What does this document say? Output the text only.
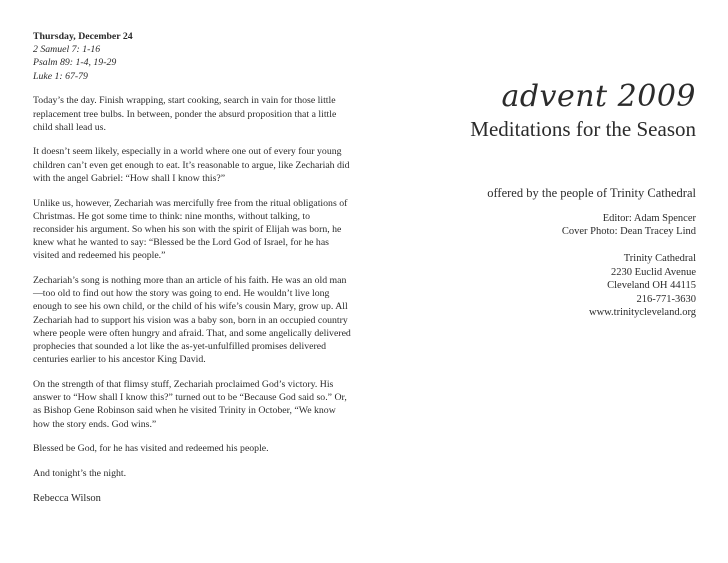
Thursday, December 24
2 Samuel 7: 1-16
Psalm 89: 1-4, 19-29
Luke 1: 67-79

Today’s the day. Finish wrapping, start cooking, search in vain for those little replacement tree bulbs. In between, ponder the absurd proposition that a little child shall lead us.

It doesn’t seem likely, especially in a world where one out of every four young children can’t even get enough to eat. It’s reasonable to argue, like Zechariah did with the angel Gabriel: “How shall I know this?”

Unlike us, however, Zechariah was mercifully free from the ritual obligations of Christmas. He got some time to think: nine months, without talking, to reconsider his argument. So when his son with the spirit of Elijah was born, he knew what he wanted to say: “Blessed be the Lord God of Israel, for he has visited and redeemed his people.”

Zechariah’s song is nothing more than an article of his faith. He was an old man—too old to find out how the story was going to end. He wouldn’t live long enough to see his own child, or the child of his wife’s cousin Mary, grow up. All Zechariah had to support his vision was a baby son, born in an occupied country where people were often hungry and afraid. That, and some angelically delivered prophecies that sounded a lot like the as-yet-unfulfilled promises delivered centuries earlier to his ancestor King David.

On the strength of that flimsy stuff, Zechariah proclaimed God’s victory. His answer to “How shall I know this?” turned out to be “Because God said so.” Or, as Bishop Gene Robinson said when he visited Trinity in October, “We know how the story ends. God wins.”

Blessed be God, for he has visited and redeemed his people.

And tonight’s the night.

Rebecca Wilson

advent 2009
Meditations for the Season
offered by the people of Trinity Cathedral
Editor: Adam Spencer
Cover Photo: Dean Tracey Lind
Trinity Cathedral
2230 Euclid Avenue
Cleveland OH 44115
216-771-3630
www.trinitycleveland.org
